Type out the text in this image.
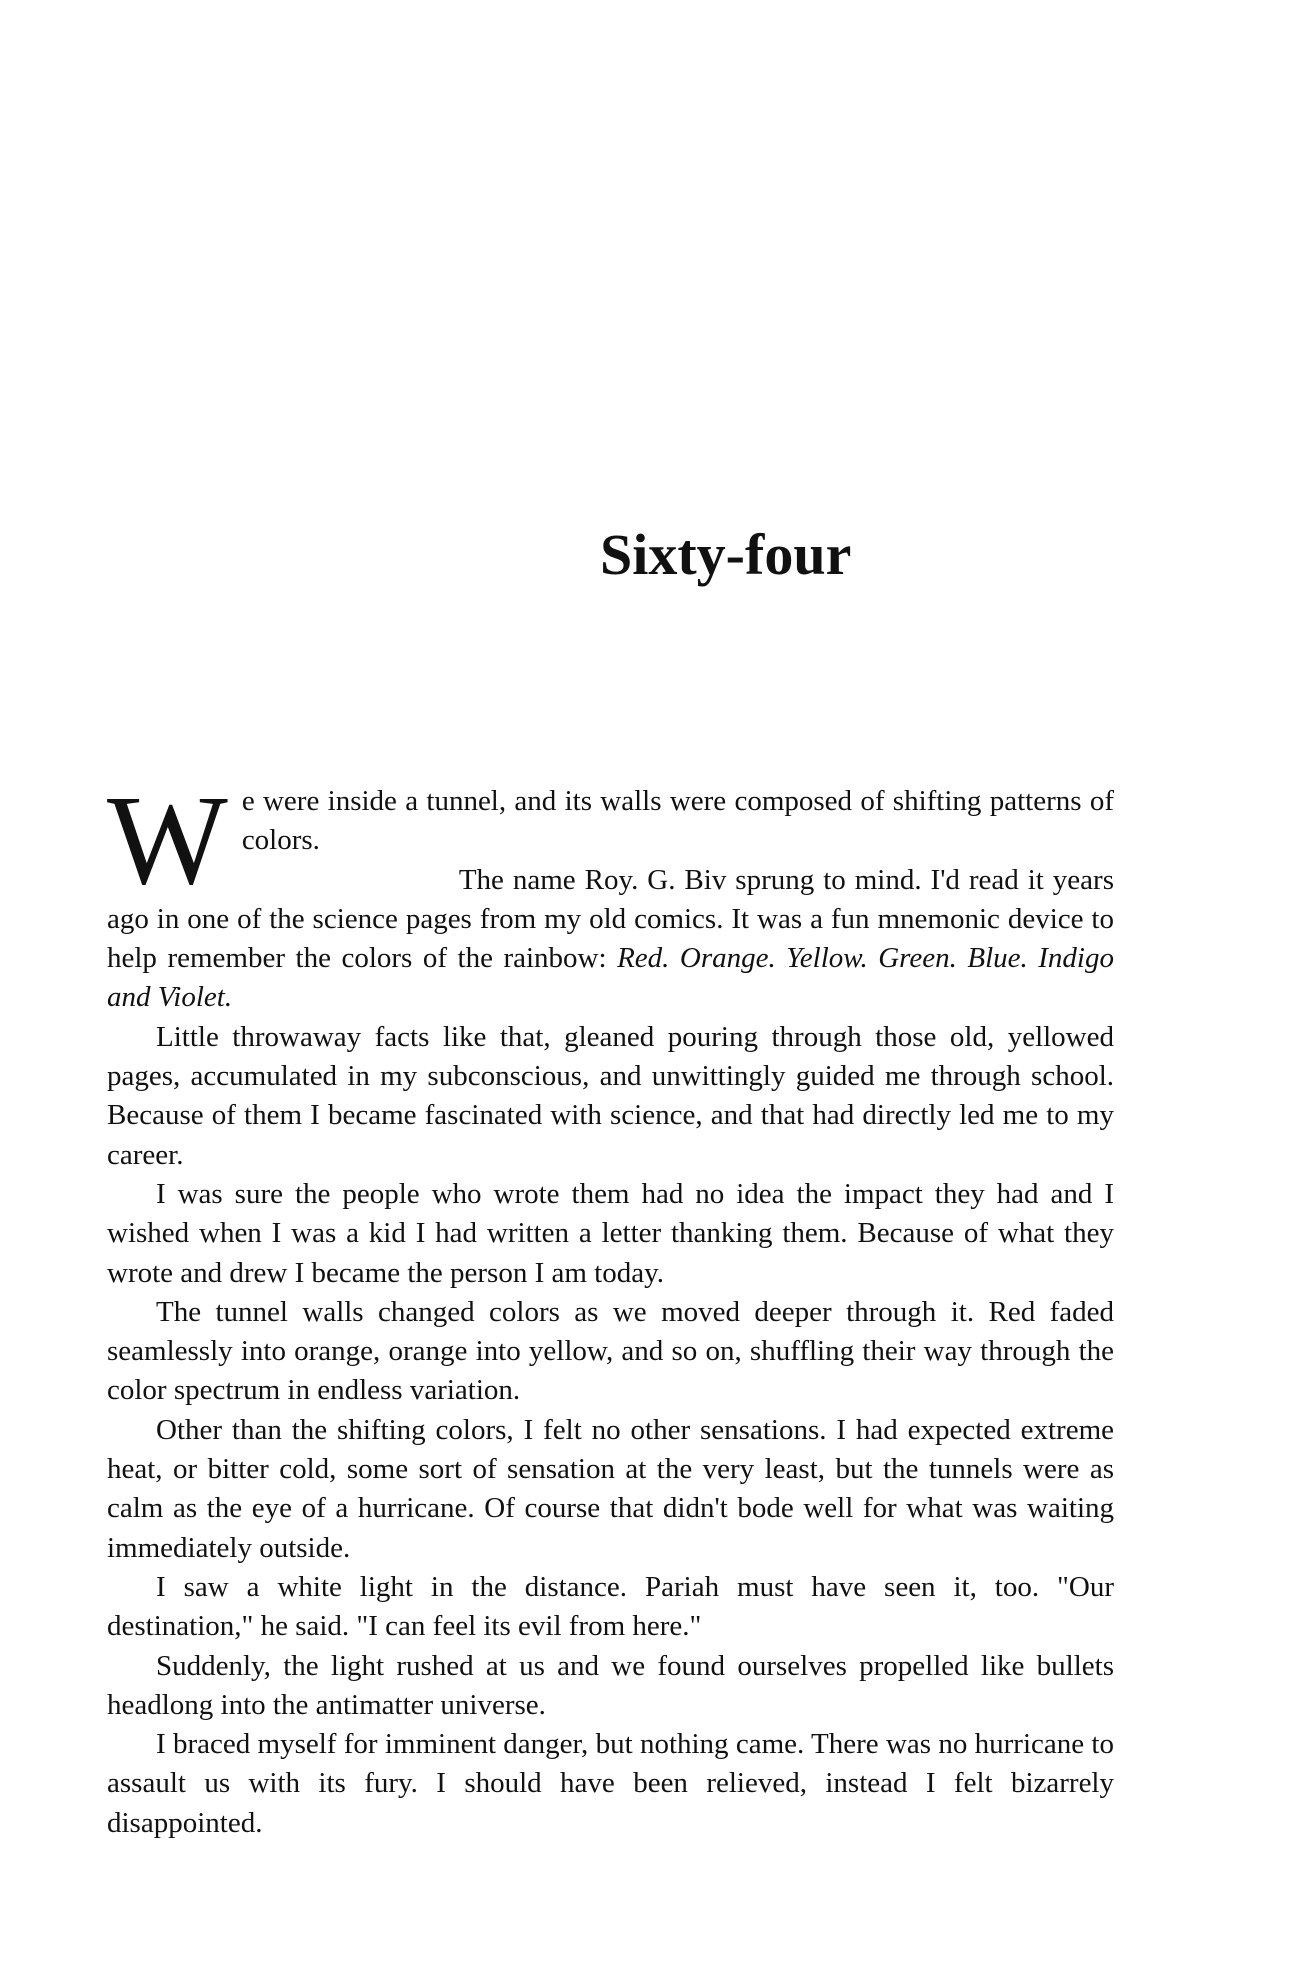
Sixty-four

We were inside a tunnel, and its walls were composed of shifting patterns of colors.

The name Roy. G. Biv sprung to mind. I'd read it years ago in one of the science pages from my old comics. It was a fun mnemonic device to help remember the colors of the rainbow: Red. Orange. Yellow. Green. Blue. Indigo and Violet.

Little throwaway facts like that, gleaned pouring through those old, yellowed pages, accumulated in my subconscious, and unwittingly guided me through school. Because of them I became fascinated with science, and that had directly led me to my career.

I was sure the people who wrote them had no idea the impact they had and I wished when I was a kid I had written a letter thanking them. Because of what they wrote and drew I became the person I am today.

The tunnel walls changed colors as we moved deeper through it. Red faded seamlessly into orange, orange into yellow, and so on, shuffling their way through the color spectrum in endless variation.

Other than the shifting colors, I felt no other sensations. I had expected extreme heat, or bitter cold, some sort of sensation at the very least, but the tunnels were as calm as the eye of a hurricane. Of course that didn't bode well for what was waiting immediately outside.

I saw a white light in the distance. Pariah must have seen it, too. "Our destination," he said. "I can feel its evil from here."

Suddenly, the light rushed at us and we found ourselves propelled like bullets headlong into the antimatter universe.

I braced myself for imminent danger, but nothing came. There was no hurricane to assault us with its fury. I should have been relieved, instead I felt bizarrely disappointed.
